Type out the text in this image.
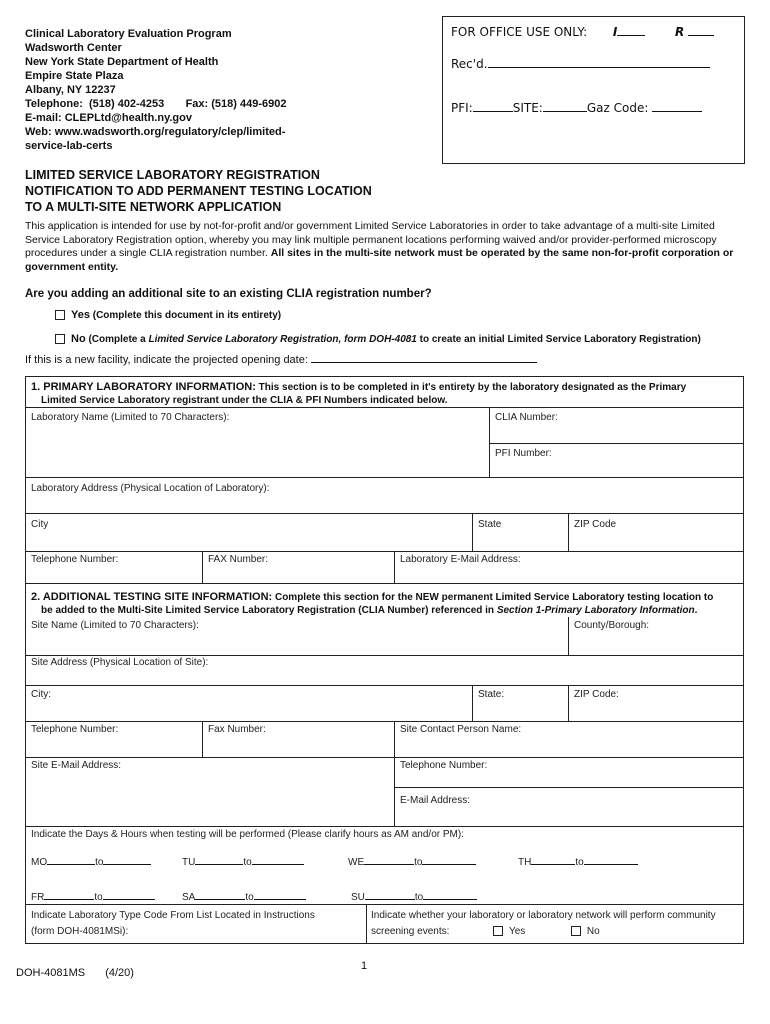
Clinical Laboratory Evaluation Program
Wadsworth Center
New York State Department of Health
Empire State Plaza
Albany, NY 12237
Telephone:  (518) 402-4253       Fax: (518) 449-6902
E-mail: CLEPLtd@health.ny.gov
Web: www.wadsworth.org/regulatory/clep/limited-
service-lab-certs
FOR OFFICE USE ONLY: I	R
Rec'd.
PFI:	SITE:	Gaz Code:
LIMITED SERVICE LABORATORY REGISTRATION
NOTIFICATION TO ADD PERMANENT TESTING LOCATION
TO A MULTI-SITE NETWORK APPLICATION
This application is intended for use by not-for-profit and/or government Limited Service Laboratories in order to take advantage of a multi-site Limited Service Laboratory Registration option, whereby you may link multiple permanent locations performing waived and/or provider-performed microscopy procedures under a single CLIA registration number. All sites in the multi-site network must be operated by the same non-for-profit corporation or government entity.
Are you adding an additional site to an existing CLIA registration number?
Yes (Complete this document in its entirety)
No (Complete a Limited Service Laboratory Registration, form DOH-4081 to create an initial Limited Service Laboratory Registration)
If this is a new facility, indicate the projected opening date:
1. PRIMARY LABORATORY INFORMATION: This section is to be completed in it's entirety by the laboratory designated as the Primary
Limited Service Laboratory registrant under the CLIA & PFI Numbers indicated below.
Laboratory Name (Limited to 70 Characters):	CLIA Number:
PFI Number:
Laboratory Address (Physical Location of Laboratory):
City	State	ZIP Code
Telephone Number:	FAX Number:	Laboratory E-Mail Address:
2. ADDITIONAL TESTING SITE INFORMATION: Complete this section for the NEW permanent Limited Service Laboratory testing location to
be added to the Multi-Site Limited Service Laboratory Registration (CLIA Number) referenced in Section 1-Primary Laboratory Information.
Site Name (Limited to 70 Characters):	County/Borough:
Site Address (Physical Location of Site):
City:	State:	ZIP Code:
Telephone Number:	Fax Number:	Site Contact Person Name:
Site E-Mail Address:	Telephone Number:
E-Mail Address:
Indicate the Days & Hours when testing will be performed (Please clarify hours as AM and/or PM):
MO	to	TU	to	WE	to	TH	to
FR	to	SA	to	SU	to
Indicate Laboratory Type Code From List Located in Instructions
(form DOH-4081MSi):
Indicate whether your laboratory or laboratory network will perform community
screening events:	Yes	No
DOH-4081MS (4/20)
1
